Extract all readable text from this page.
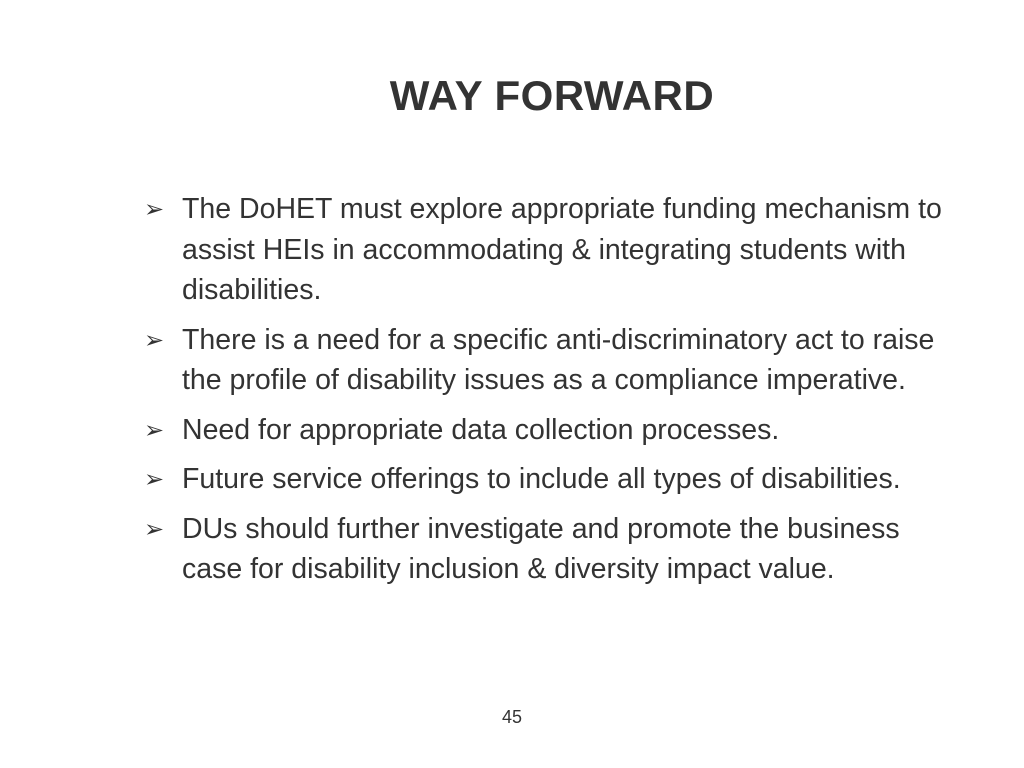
WAY FORWARD
➢ The DoHET must explore appropriate funding mechanism to assist HEIs in accommodating & integrating students with disabilities.
➢ There is a need for a specific anti-discriminatory act to raise the profile of disability issues as a compliance imperative.
➢ Need for appropriate data collection processes.
➢ Future service offerings to include all types of disabilities.
➢ DUs should further investigate and promote the business case for disability inclusion & diversity impact value.
45
